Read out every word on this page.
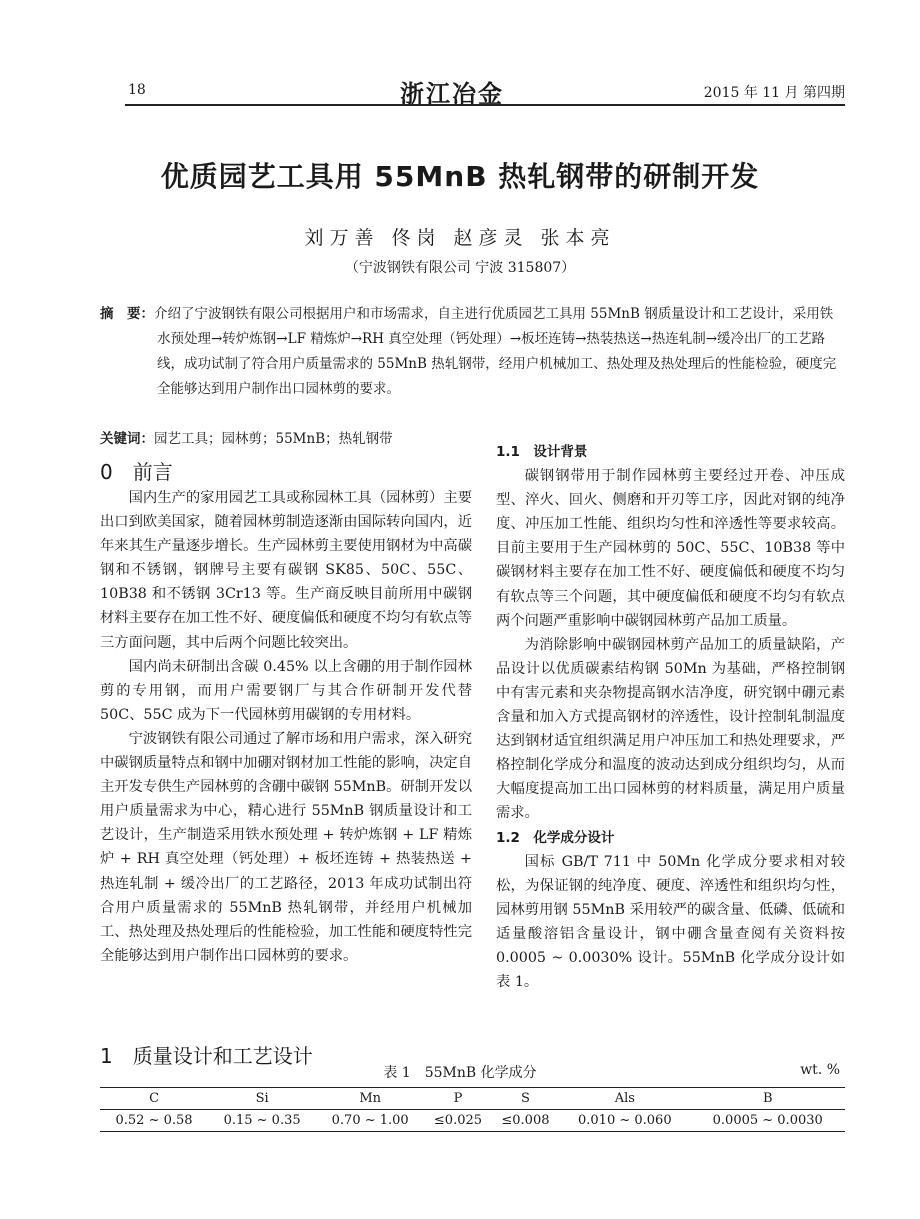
18	浙江冶金	2015 年 11 月 第四期
优质园艺工具用 55MnB 热轧钢带的研制开发
刘万善 佟岗 赵彦灵 张本亮
（宁波钢铁有限公司 宁波 315807）
摘　要：介绍了宁波钢铁有限公司根据用户和市场需求，自主进行优质园艺工具用 55MnB 钢质量设计和工艺设计，采用铁水预处理→转炉炼钢→LF 精炼炉→RH 真空处理（钙处理）→板坯连铸→热装热送→热连轧制→缓冷出厂的工艺路线，成功试制了符合用户质量需求的 55MnB 热轧钢带，经用户机械加工、热处理及热处理后的性能检验，硬度完全能够达到用户制作出口园林剪的要求。
关键词：园艺工具；园林剪；55MnB；热轧钢带
0　前言

国内生产的家用园艺工具或称园林工具（园林剪）主要出口到欧美国家，随着园林剪制造逐渐由国际转向国内，近年来其生产量逐步增长。生产园林剪主要使用钢材为中高碳钢和不锈钢，钢牌号主要有碳钢 SK85、50C、55C、10B38 和不锈钢 3Cr13 等。生产商反映目前所用中碳钢材料主要存在加工性不好、硬度偏低和硬度不均匀有软点等三方面问题，其中后两个问题比较突出。

国内尚未研制出含碳 0.45% 以上含硼的用于制作园林剪的专用钢，而用户需要钢厂与其合作研制开发代替 50C、55C 成为下一代园林剪用碳钢的专用材料。

宁波钢铁有限公司通过了解市场和用户需求，深入研究中碳钢质量特点和钢中加硼对钢材加工性能的影响，决定自主开发专供生产园林剪的含硼中碳钢 55MnB。研制开发以用户质量需求为中心，精心进行 55MnB 钢质量设计和工艺设计，生产制造采用铁水预处理 + 转炉炼钢 + LF 精炼炉 + RH 真空处理（钙处理）+ 板坯连铸 + 热装热送 + 热连轧制 + 缓冷出厂的工艺路径，2013 年成功试制出符合用户质量需求的 55MnB 热轧钢带，并经用户机械加工、热处理及热处理后的性能检验，加工性能和硬度特性完全能够达到用户制作出口园林剪的要求。

1　质量设计和工艺设计
1.1　设计背景

碳钢钢带用于制作园林剪主要经过开卷、冲压成型、淬火、回火、侧磨和开刃等工序，因此对钢的纯净度、冲压加工性能、组织均匀性和淬透性等要求较高。目前主要用于生产园林剪的 50C、55C、10B38 等中碳钢材料主要存在加工性不好、硬度偏低和硬度不均匀有软点等三个问题，其中硬度偏低和硬度不均匀有软点两个问题严重影响中碳钢园林剪产品加工质量。

为消除影响中碳钢园林剪产品加工的质量缺陷，产品设计以优质碳素结构钢 50Mn 为基础，严格控制钢中有害元素和夹杂物提高钢水洁净度，研究钢中硼元素含量和加入方式提高钢材的淬透性，设计控制轧制温度达到钢材适宜组织满足用户冲压加工和热处理要求，严格控制化学成分和温度的波动达到成分组织均匀，从而大幅度提高加工出口园林剪的材料质量，满足用户质量需求。

1.2　化学成分设计

国标 GB/T 711 中 50Mn 化学成分要求相对较松，为保证钢的纯净度、硬度、淬透性和组织均匀性，园林剪用钢 55MnB 采用较严的碳含量、低磷、低硫和适量酸溶铝含量设计，钢中硼含量查阅有关资料按 0.0005 ~ 0.0030% 设计。55MnB 化学成分设计如表 1。

表 1　55MnB 化学成分	wt. %
C	Si	Mn	P	S	Als	B
0.52 ~ 0.58	0.15 ~ 0.35	0.70 ~ 1.00	≤0.025	≤0.008	0.010 ~ 0.060	0.0005 ~ 0.0030
